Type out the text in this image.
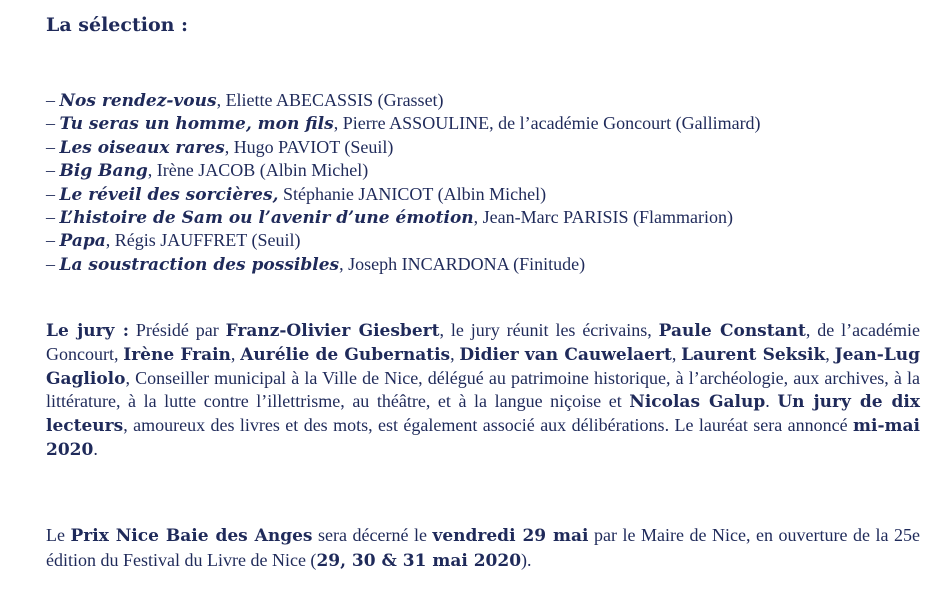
La sélection :
– Nos rendez-vous, Eliette ABECASSIS (Grasset)
– Tu seras un homme, mon fils, Pierre ASSOULINE, de l’académie Goncourt (Gallimard)
– Les oiseaux rares, Hugo PAVIOT (Seuil)
– Big Bang, Irène JACOB (Albin Michel)
– Le réveil des sorcières, Stéphanie JANICOT (Albin Michel)
– L’histoire de Sam ou l’avenir d’une émotion, Jean-Marc PARISIS (Flammarion)
– Papa, Régis JAUFFRET (Seuil)
– La soustraction des possibles, Joseph INCARDONA (Finitude)

Le jury : Présidé par Franz-Olivier Giesbert, le jury réunit les écrivains, Paule Constant, de l’académie Goncourt, Irène Frain, Aurélie de Gubernatis, Didier van Cauwelaert, Laurent Seksik, Jean-Lug Gagliolo, Conseiller municipal à la Ville de Nice, délégué au patrimoine historique, à l’archéologie, aux archives, à la littérature, à la lutte contre l’illettrisme, au théâtre, et à la langue niçoise et Nicolas Galup. Un jury de dix lecteurs, amoureux des livres et des mots, est également associé aux délibérations. Le lauréat sera annoncé mi-mai 2020.

Le Prix Nice Baie des Anges sera décerné le vendredi 29 mai par le Maire de Nice, en ouverture de la 25e édition du Festival du Livre de Nice (29, 30 & 31 mai 2020).
